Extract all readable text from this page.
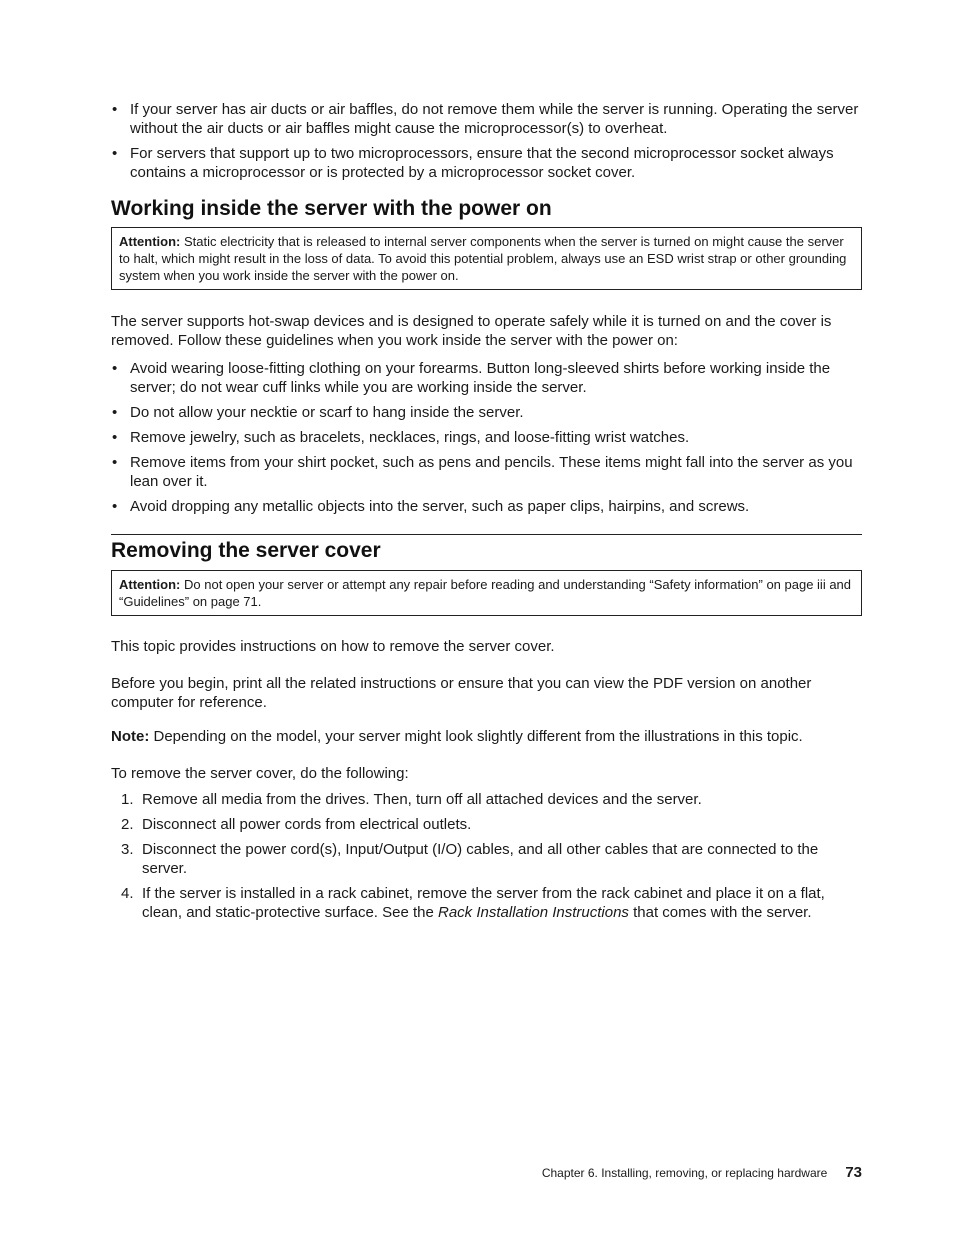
• If your server has air ducts or air baffles, do not remove them while the server is running. Operating the server without the air ducts or air baffles might cause the microprocessor(s) to overheat.
• For servers that support up to two microprocessors, ensure that the second microprocessor socket always contains a microprocessor or is protected by a microprocessor socket cover.
Working inside the server with the power on
Attention: Static electricity that is released to internal server components when the server is turned on might cause the server to halt, which might result in the loss of data. To avoid this potential problem, always use an ESD wrist strap or other grounding system when you work inside the server with the power on.

The server supports hot-swap devices and is designed to operate safely while it is turned on and the cover is removed. Follow these guidelines when you work inside the server with the power on:

• Avoid wearing loose-fitting clothing on your forearms. Button long-sleeved shirts before working inside the server; do not wear cuff links while you are working inside the server.
• Do not allow your necktie or scarf to hang inside the server.
• Remove jewelry, such as bracelets, necklaces, rings, and loose-fitting wrist watches.
• Remove items from your shirt pocket, such as pens and pencils. These items might fall into the server as you lean over it.
• Avoid dropping any metallic objects into the server, such as paper clips, hairpins, and screws.
Removing the server cover
Attention: Do not open your server or attempt any repair before reading and understanding “Safety information” on page iii and “Guidelines” on page 71.

This topic provides instructions on how to remove the server cover.

Before you begin, print all the related instructions or ensure that you can view the PDF version on another computer for reference.

Note: Depending on the model, your server might look slightly different from the illustrations in this topic.

To remove the server cover, do the following:

1. Remove all media from the drives. Then, turn off all attached devices and the server.
2. Disconnect all power cords from electrical outlets.
3. Disconnect the power cord(s), Input/Output (I/O) cables, and all other cables that are connected to the server.
4. If the server is installed in a rack cabinet, remove the server from the rack cabinet and place it on a flat, clean, and static-protective surface. See the Rack Installation Instructions that comes with the server.
Chapter 6. Installing, removing, or replacing hardware 73
